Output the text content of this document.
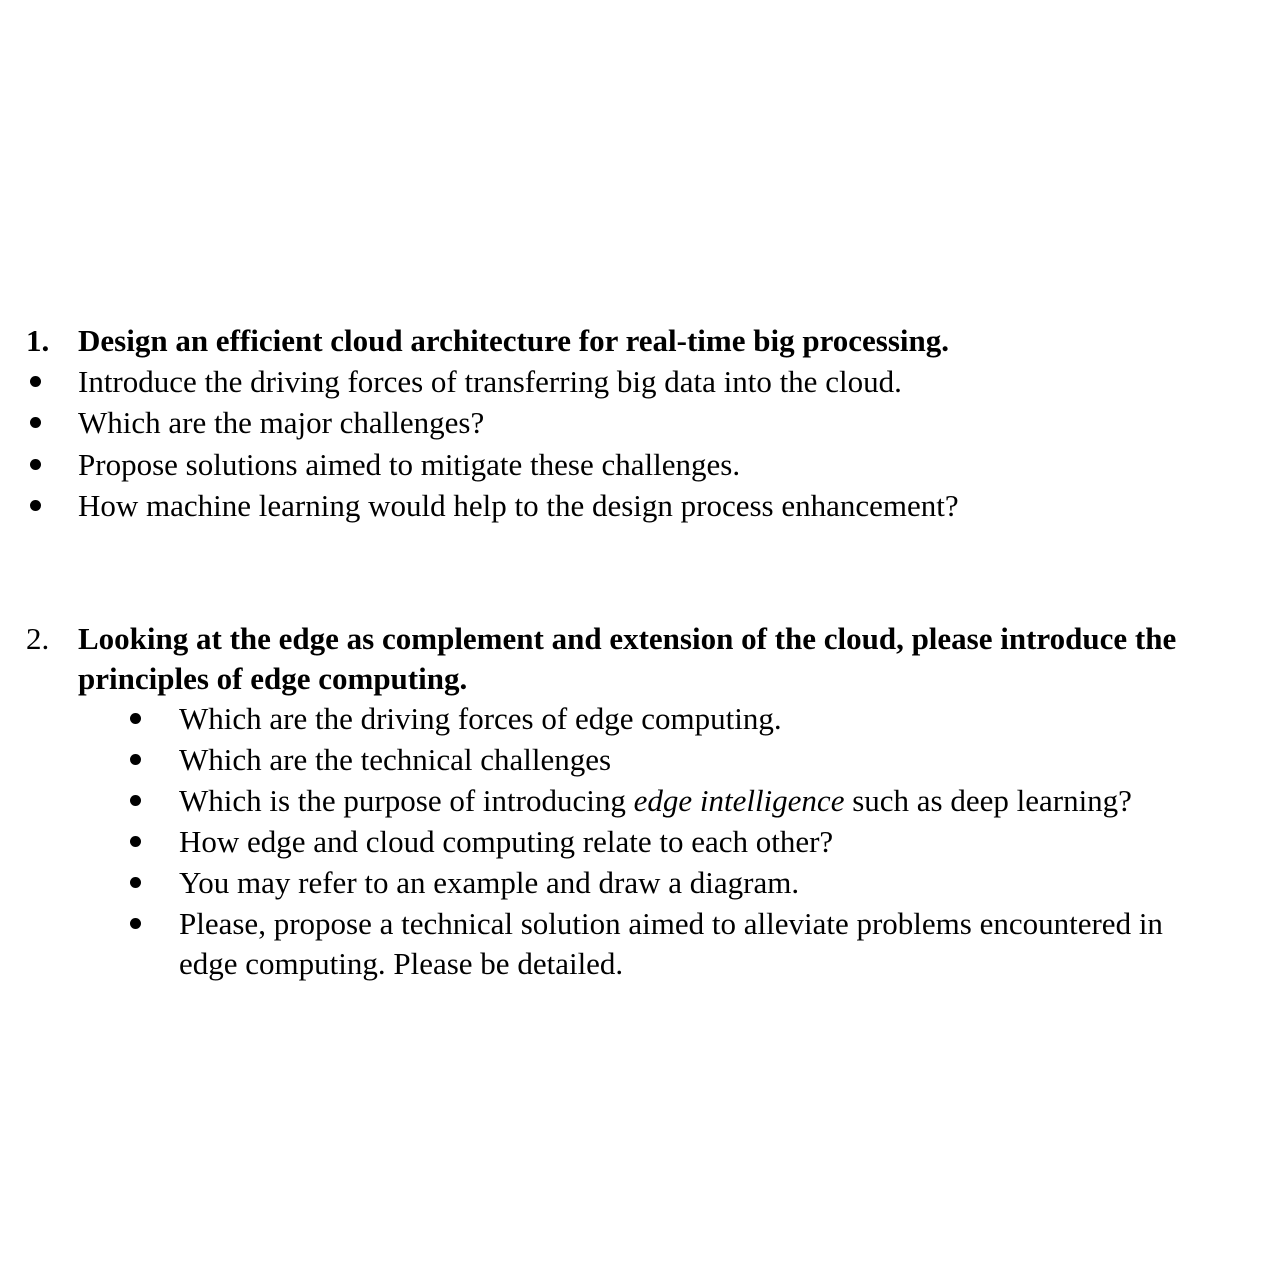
1. Design an efficient cloud architecture for real-time big processing.
Introduce the driving forces of transferring big data into the cloud.
Which are the major challenges?
Propose solutions aimed to mitigate these challenges.
How machine learning would help to the design process enhancement?
2. Looking at the edge as complement and extension of the cloud, please introduce the
principles of edge computing.
Which are the driving forces of edge computing.
Which are the technical challenges
Which is the purpose of introducing edge intelligence such as deep learning?
How edge and cloud computing relate to each other?
You may refer to an example and draw a diagram.
Please, propose a technical solution aimed to alleviate problems encountered in
edge computing. Please be detailed.
